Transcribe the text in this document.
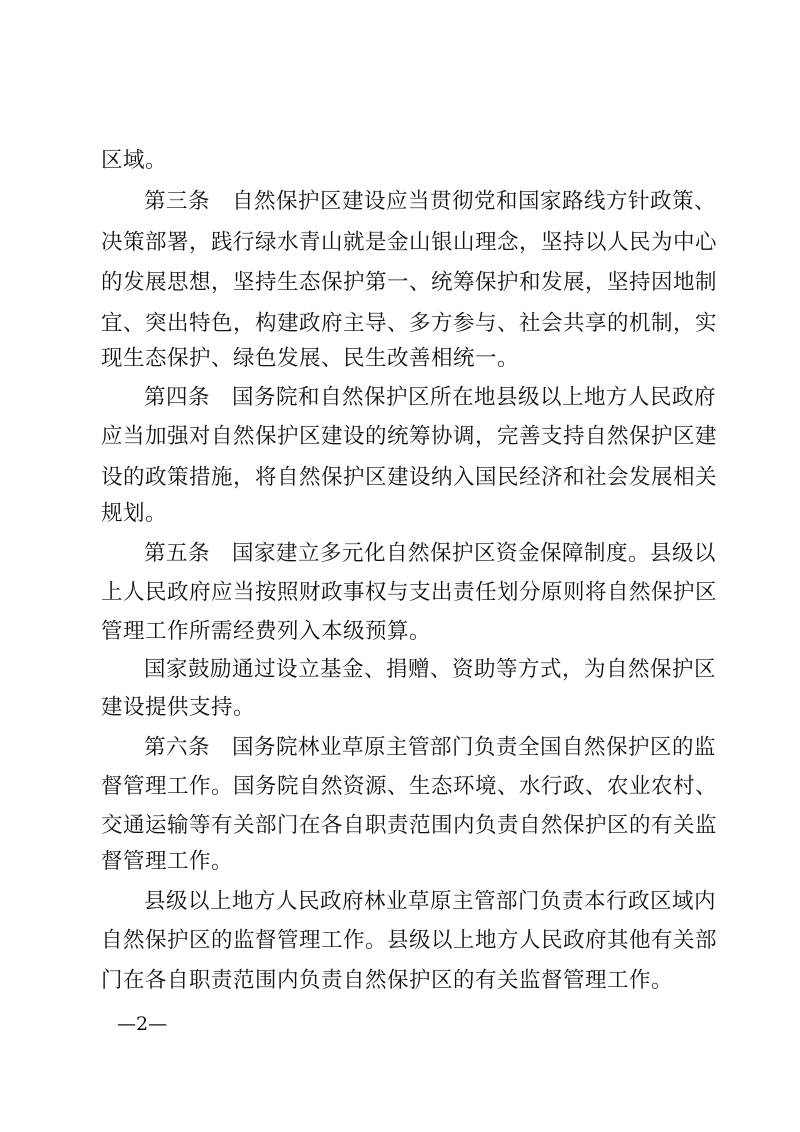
区域。
第三条　自然保护区建设应当贯彻党和国家路线方针政策、
决策部署，践行绿水青山就是金山银山理念，坚持以人民为中心
的发展思想，坚持生态保护第一、统筹保护和发展，坚持因地制
宜、突出特色，构建政府主导、多方参与、社会共享的机制，实
现生态保护、绿色发展、民生改善相统一。
第四条　国务院和自然保护区所在地县级以上地方人民政府
应当加强对自然保护区建设的统筹协调，完善支持自然保护区建
设的政策措施，将自然保护区建设纳入国民经济和社会发展相关
规划。
第五条　国家建立多元化自然保护区资金保障制度。县级以
上人民政府应当按照财政事权与支出责任划分原则将自然保护区
管理工作所需经费列入本级预算。
国家鼓励通过设立基金、捐赠、资助等方式，为自然保护区
建设提供支持。
第六条　国务院林业草原主管部门负责全国自然保护区的监
督管理工作。国务院自然资源、生态环境、水行政、农业农村、
交通运输等有关部门在各自职责范围内负责自然保护区的有关监
督管理工作。
县级以上地方人民政府林业草原主管部门负责本行政区域内
自然保护区的监督管理工作。县级以上地方人民政府其他有关部
门在各自职责范围内负责自然保护区的有关监督管理工作。
—2—
